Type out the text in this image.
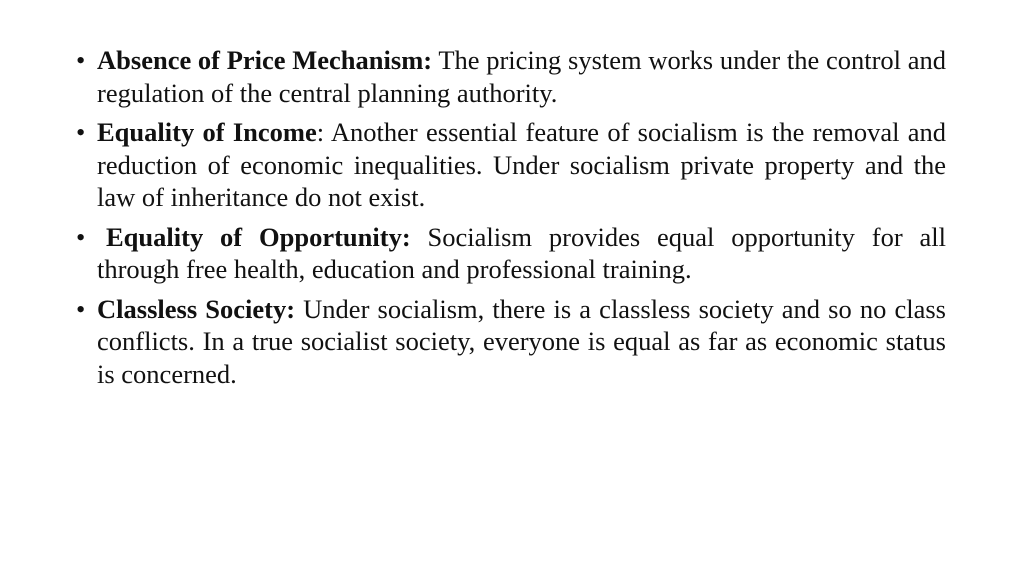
• Absence of Price Mechanism: The pricing system works under the control and regulation of the central planning authority.
• Equality of Income: Another essential feature of socialism is the removal and reduction of economic inequalities. Under socialism private property and the law of inheritance do not exist.
• Equality of Opportunity: Socialism provides equal opportunity for all through free health, education and professional training.
• Classless Society: Under socialism, there is a classless society and so no class conflicts. In a true socialist society, everyone is equal as far as economic status is concerned.
